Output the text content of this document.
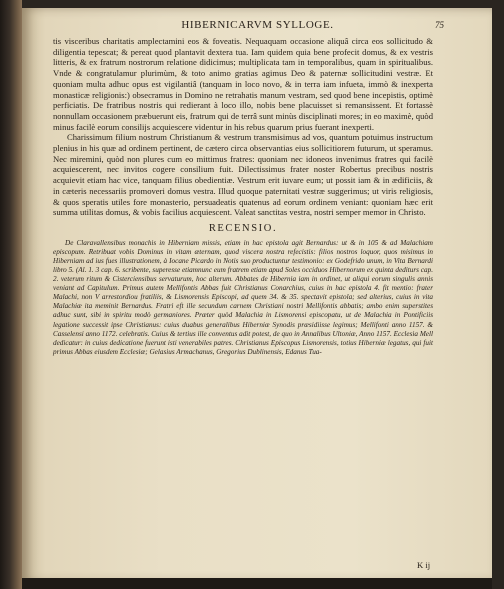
HIBERNICARVM SYLLOGE.	75

tis visceribus charitatis amplectamini eos & foveatis. Nequaquam occasione aliquâ circa eos sollicitudo & diligentia tepescat; & pereat quod plantavit dextera tua. Iam quidem quia bene profecit domus, & ex vestris litteris, & ex fratrum nostrorum relatione didicimus; multiplicata tam in temporalibus, quam in spiritualibus. Vnde & congratulamur plurimùm, & toto animo gratias agimus Deo & paternæ sollicitudini vestræ. Et quoniam multa adhuc opus est vigilantiâ (tanquam in loco novo, & in terra iam infueta, immò & inexperta monasticæ religionis:) obsecramus in Domino ne retrahatis manum vestram, sed quod bene incepistis, optimè perficiatis. De fratribus nostris qui redierant à loco illo, nobis bene placuisset si remansissent. Et fortassè nonnullam occasionem præbuerunt eis, fratrum qui de terrâ sunt minùs disciplinati mores; in eo maximè, quòd minus facilè eorum consilijs acquiescere videntur in his rebus quarum prius fuerant inexperti.

Charissimum filium nostrum Christianum & vestrum transmisimus ad vos, quantum potuimus instructum plenius in his quæ ad ordinem pertinent, de cætero circa observantias eius sollicitiorem futurum, ut speramus. Nec miremini, quòd non plures cum eo mittimus fratres: quoniam nec idoneos invenimus fratres qui facilè acquiescerent, nec invitos cogere consilium fuit. Dilectissimus frater noster Robertus precibus nostris acquievit etiam hac vice, tanquam filius obedientiæ. Vestrum erit iuvare eum; ut possit iam & in ædificiis, & in cæteris necessariis promoveri domus vestra. Illud quoque paternitati vestræ suggerimus; ut viris religiosis, & quos speratis utiles fore monasterio, persuadeatis quatenus ad eorum ordinem veniant: quoniam hæc erit summa utilitas domus, & vobis facilius acquiescent. Valeat sanctitas vestra, nostri semper memor in Christo.

RECENSIO.

De Claravallensibus monachis in Hiberniam missis, etiam in hac epistola agit Bernardus: ut & in 105 & ad Malachiam episcopum. Retribuat vobis Dominus in vitam æternam, quod viscera nostra refecistis: filios nostros loquor, quos misimus in Hiberniam ad ius fues illustrationem, à Iocane Picardo in Notis suo productuntur testimonio: ex Godefrido unum, in Vita Bernardi libro 5. (Al. 1. 3 cap. 6. scribente, superesse etiamnunc eum fratrem etiam apud Soles occiduos Hibernorum ex quinta dediturs cap. 2. veterum ritum & Cisterciensibus servaturum, hoc alterum. Abbates de Hibernia iam in ordinet, ut aliqui eorum singulis annis veniant ad Capitulum. Primus autem Mellifontis Abbas fuit Christianus Conarchius, cuius in hac epistola 4. fit mentio: frater Malachi, non V arrestordiou fratiliis, & Lismorensis Episcopi, ad quem 34. & 35. spectavit epistola; sed alterius, cuius in vita Malachiæ ita meminit Bernardus. Fratri eft ille secundum carnem Christiani nostri Mellifontis abbatis; ambo enim superstites adhuc sunt, sibi in spiritu modò germaniores. Præter quòd Malachia in Lismorensi episcopatu, ut de Malachia in Pontificiis legatione successit ipse Christianus: cuius duabus generalibus Hiberniæ Synodis præsidiisse legimus; Mellifonti anno 1157. & Casselensi anno 1172. celebratis. Cuius & tertius ille conventus adit potest, de quo in Annalibus Ultoniæ, Anno 1157. Ecclesia Mell dedicatur: in cuius dedicatione fuerunt isti venerabiles patres. Christianus Episcopus Lismorensis, totius Hiberniæ legatus, qui fuit primus Abbas eiusdem Ecclesiæ; Gelasius Armachanus, Gregorius Dublinensis, Edanus Tua-

K ij
